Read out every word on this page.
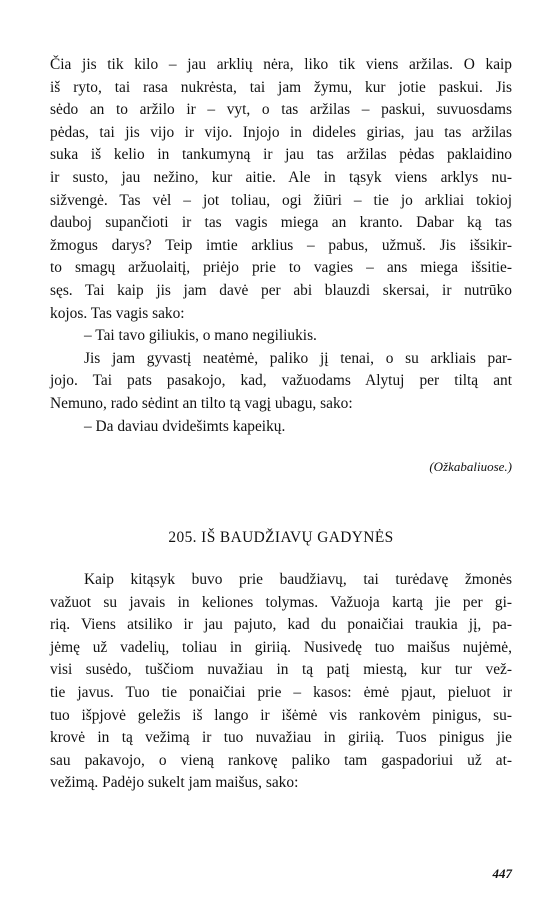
Čia jis tik kilo – jau arklių nėra, liko tik viens aržilas. O kaip
iš ryto, tai rasa nukrėsta, tai jam žymu, kur jotie paskui. Jis
sėdo an to aržilo ir – vyt, o tas aržilas – paskui, suvuosdams
pėdas, tai jis vijo ir vijo. Injojo in dideles girias, jau tas aržilas
suka iš kelio in tankumyną ir jau tas aržilas pėdas paklaidino
ir susto, jau nežino, kur aitie. Ale in tąsyk viens arklys nu-
sižvengė. Tas vėl – jot toliau, ogi žiūri – tie jo arkliai tokioj
dauboj supančioti ir tas vagis miega an kranto. Dabar ką tas
žmogus darys? Teip imtie arklius – pabus, užmuš. Jis išsikir-
to smagų aržuolaitį, priėjo prie to vagies – ans miega išsitie-
sęs. Tai kaip jis jam davė per abi blauzdi skersai, ir nutrūko
kojos. Tas vagis sako:
– Tai tavo giliukis, o mano negiliukis.
Jis jam gyvastį neatėmė, paliko jį tenai, o su arkliais par-
jojo. Tai pats pasakojo, kad, važuodams Alytuj per tiltą ant
Nemuno, rado sėdint an tilto tą vagį ubagu, sako:
– Da daviau dvidešimts kapeikų.
(Ožkabaliuose.)
205. IŠ BAUDŽIAVŲ GADYNĖS
Kaip kitąsyk buvo prie baudžiavų, tai turėdavę žmonės
važuot su javais in keliones tolymas. Važuoja kartą jie per gi-
rią. Viens atsiliko ir jau pajuto, kad du ponaičiai traukia jį, pa-
jėmę už vadelių, toliau in giriią. Nusivedę tuo maišus nujėmė,
visi susėdo, tuščiom nuvažiau in tą patį miestą, kur tur vež-
tie javus. Tuo tie ponaičiai prie – kasos: ėmė pjaut, pieluot ir
tuo išpjovė geležis iš lango ir išėmė vis rankovėm pinigus, su-
krovė in tą vežimą ir tuo nuvažiau in giriią. Tuos pinigus jie
sau pakavojo, o vieną rankovę paliko tam gaspadoriui už at-
vežimą. Padėjo sukelt jam maišus, sako:
447
